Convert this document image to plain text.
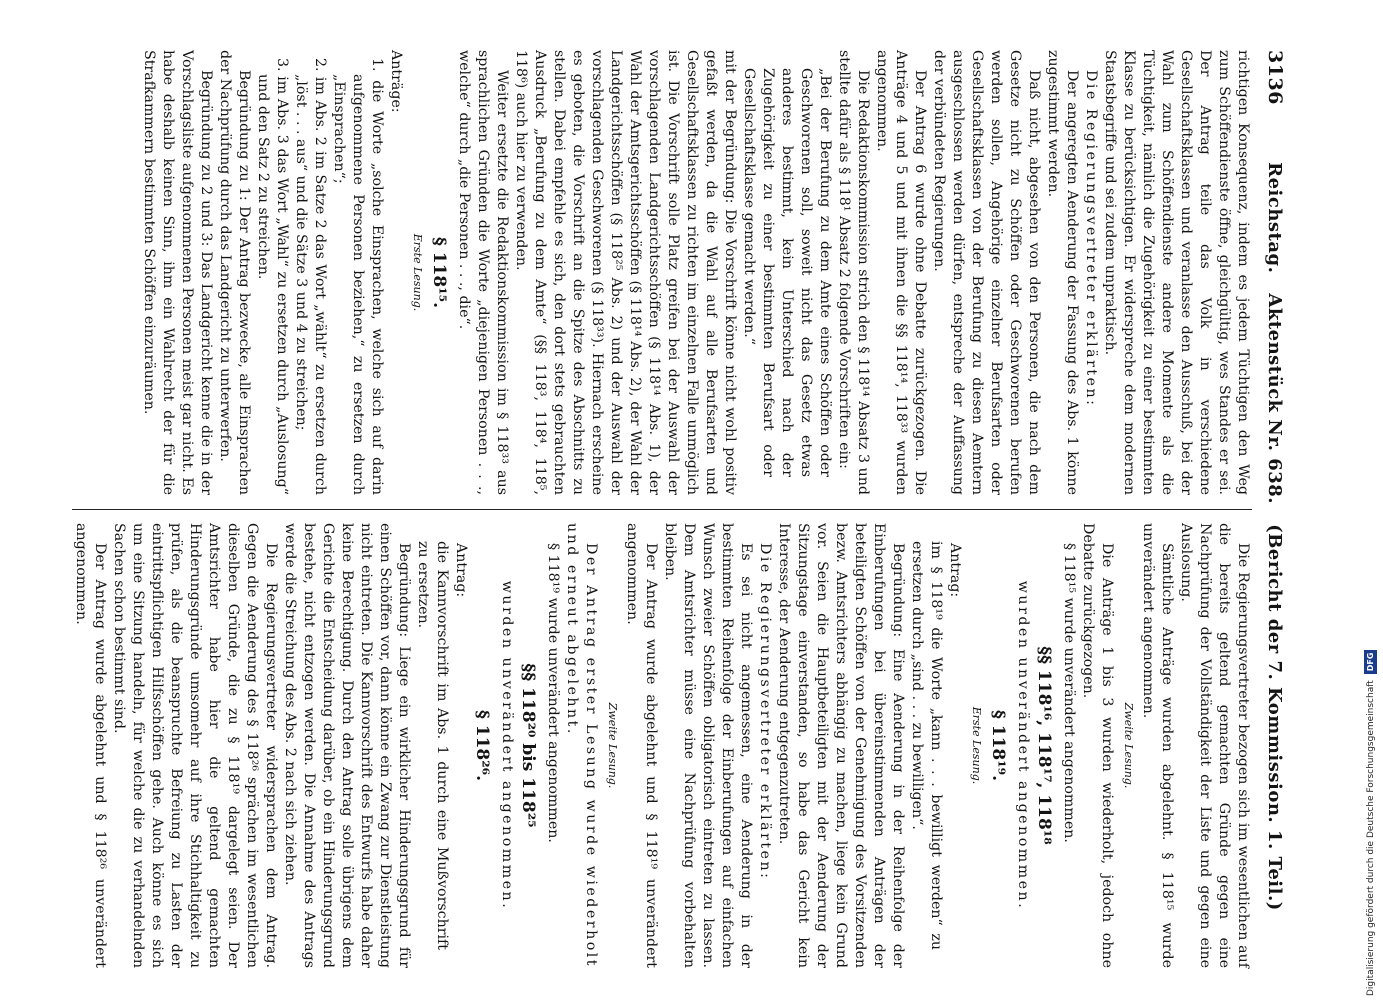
3136
Reichstag.Aktenstück Nr. 638.(Bericht der 7. Kommission. 1. Teil.)

richtigen Konsequenz, indem es jedem Tüchtigen den Weg zum Schöffendienste öffne, gleichgültig, wes Standes er sei. Der Antrag teile das Volk in verschiedene Gesellschaftsklassen und veranlasse den Ausschuß, bei der Wahl zum Schöffendienste andere Momente als die Tüchtigkeit, nämlich die Zugehörigkeit zu einer bestimmten Klasse zu berücksichtigen. Er widerspreche dem modernen Staatsbegriffe und sei zudem unpraktisch.

Die Regierungsvertreter erklärten:

Der angeregten Aenderung der Fassung des Abs. 1 könne zugestimmt werden.

Daß nicht, abgesehen von den Personen, die nach dem Gesetze nicht zu Schöffen oder Geschworenen berufen werden sollen, Angehörige einzelner Berufsarten oder Gesellschaftsklassen von der Berufung zu diesen Aemtern ausgeschlossen werden dürfen, entspreche der Auffassung der verbündeten Regierungen.

Der Antrag 6 wurde ohne Debatte zurückgezogen. Die Anträge 4 und 5 und mit ihnen die §§ 118¹⁴, 118³³ wurden angenommen.

Die Redaktionskommission strich den § 118¹⁴ Absatz 3 und stellte dafür als § 118¹ Absatz 2 folgende Vorschriften ein:

„Bei der Berufung zu dem Amte eines Schöffen oder Geschworenen soll, soweit nicht das Gesetz etwas anderes bestimmt, kein Unterschied nach der Zugehörigkeit zu einer bestimmten Berufsart oder Gesellschaftsklasse gemacht werden.“

mit der Begründung: Die Vorschrift könne nicht wohl positiv gefaßt werden, da die Wahl auf alle Berufsarten und Gesellschaftsklassen zu richten im einzelnen Falle unmöglich ist. Die Vorschrift solle Platz greifen bei der Auswahl der vorschlagenden Landgerichtsschöffen (§ 118¹⁴ Abs. 1), der Wahl der Amtsgerichtsschöffen (§ 118¹⁴ Abs. 2), der Wahl der Landgerichtsschöffen (§ 118²⁵ Abs. 2) und der Auswahl der vorschlagenden Geschworenen (§ 118³³). Hiernach erscheine es geboten, die Vorschrift an die Spitze des Abschnitts zu stellen. Dabei empfehle es sich, den dort stets gebrauchten Ausdruck „Berufung zu dem Amte“ (§§ 118³, 118⁴, 118⁵, 118⁶) auch hier zu verwenden.

Weiter ersetzte die Redaktionskommission im § 118³³ aus sprachlichen Gründen die Worte „diejenigen Personen . . ., welche“ durch „die Personen . . ., die“.

§ 118¹⁵.
Erste Lesung.

Anträge:

1. die Worte „solche Einsprachen, welche sich auf darin aufgenommene Personen beziehen,“ zu ersetzen durch „Einsprachen“;

2. im Abs. 2 im Satze 2 das Wort „wählt“ zu ersetzen durch „löst . . . aus“ und die Sätze 3 und 4 zu streichen;

3. im Abs. 3 das Wort „Wahl“ zu ersetzen durch „Auslosung“ und den Satz 2 zu streichen.

Begründung zu 1: Der Antrag bezwecke, alle Einsprachen der Nachprüfung durch das Landgericht zu unterwerfen.

Begründung zu 2 und 3: Das Landgericht kenne die in der Vorschlagsliste aufgenommenen Personen meist gar nicht. Es habe deshalb keinen Sinn, ihm ein Wahlrecht der für die Strafkammern bestimmten Schöffen einzuräumen.

Die Regierungsvertreter bezogen sich im wesentlichen auf die bereits geltend gemachten Gründe gegen eine Nachprüfung der Vollständigkeit der Liste und gegen eine Auslosung.

Sämtliche Anträge wurden abgelehnt. § 118¹⁵ wurde unverändert angenommen.

Zweite Lesung.

Die Anträge 1 bis 3 wurden wiederholt, jedoch ohne Debatte zurückgezogen.

§ 118¹⁵ wurde unverändert angenommen.

§§ 118¹⁶, 118¹⁷, 118¹⁸

wurden unverändert angenommen.

§ 118¹⁹.
Erste Lesung.

Antrag:

im § 118¹⁹ die Worte „kann . . . bewilligt werden“ zu ersetzen durch „sind . . . zu bewilligen“.

Begründung: Eine Aenderung in der Reihenfolge der Einberufungen bei übereinstimmenden Anträgen der beteiligten Schöffen von der Genehmigung des Vorsitzenden bezw. Amtsrichters abhängig zu machen, liege kein Grund vor. Seien die Hauptbeteiligten mit der Aenderung der Sitzungstage einverstanden, so habe das Gericht kein Interesse, der Aenderung entgegenzutreten.

Die Regierungsvertreter erklärten:

Es sei nicht angemessen, eine Aenderung in der bestimmten Reihenfolge der Einberufungen auf einfachen Wunsch zweier Schöffen obligatorisch eintreten zu lassen. Dem Amtsrichter müsse eine Nachprüfung vorbehalten bleiben.

Der Antrag wurde abgelehnt und § 118¹⁹ unverändert angenommen.

Zweite Lesung.

Der Antrag erster Lesung wurde wiederholt und erneut abgelehnt.

§ 118¹⁹ wurde unverändert angenommen.

§§ 118²⁰ bis 118²⁵

wurden unverändert angenommen.

§ 118²⁶.

Antrag:

die Kannvorschrift im Abs. 1 durch eine Mußvorschrift zu ersetzen.

Begründung: Liege ein wirklicher Hinderungsgrund für einen Schöffen vor, dann könne ein Zwang zur Dienstleistung nicht eintreten. Die Kannvorschrift des Entwurfs habe daher keine Berechtigung. Durch den Antrag solle übrigens dem Gerichte die Entscheidung darüber, ob ein Hinderungsgrund bestehe, nicht entzogen werden. Die Annahme des Antrags werde die Streichung des Abs. 2 nach sich ziehen.

Die Regierungsvertreter widersprachen dem Antrag. Gegen die Aenderung des § 118²⁶ sprächen im wesentlichen dieselben Gründe, die zu § 118¹⁹ dargelegt seien. Der Amtsrichter habe hier die geltend gemachten Hinderungsgründe umsomehr auf ihre Stichhaltigkeit zu prüfen, als die beanspruchte Befreiung zu Lasten der eintrittspflichtigen Hilfsschöffen gehe. Auch könne es sich um eine Sitzung handeln, für welche die zu verhandelnden Sachen schon bestimmt sind.

Der Antrag wurde abgelehnt und § 118²⁶ unverändert angenommen.

Digitalisierung gefördert durch die Deutsche Forschungsgemeinschaft
DFG
